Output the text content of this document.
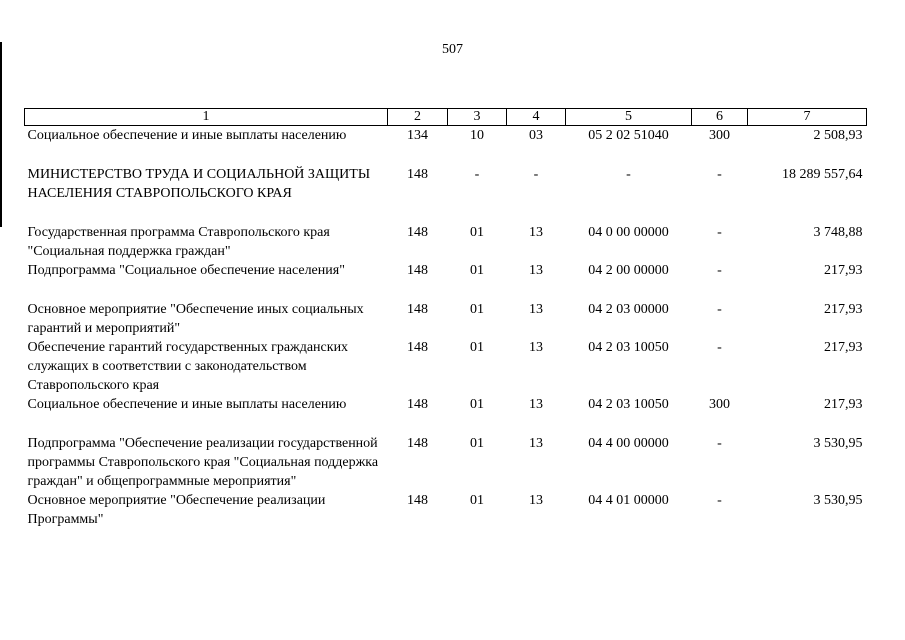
507
1	2	3	4	5	6	7
Социальное обеспечение и иные выплаты населению	134	10	03	05 2 02 51040	300	2 508,93

МИНИСТЕРСТВО ТРУДА И СОЦИАЛЬНОЙ ЗАЩИТЫ НАСЕЛЕНИЯ СТАВРОПОЛЬСКОГО КРАЯ	148	-	-	-	-	18 289 557,64

Государственная программа Ставропольского края "Социальная поддержка граждан"	148	01	13	04 0 00 00000	-	3 748,88
Подпрограмма "Социальное обеспечение населения"	148	01	13	04 2 00 00000	-	217,93

Основное мероприятие "Обеспечение иных социальных гарантий и мероприятий"	148	01	13	04 2 03 00000	-	217,93
Обеспечение гарантий государственных гражданских служащих в соответствии с законодательством Ставропольского края	148	01	13	04 2 03 10050	-	217,93
Социальное обеспечение и иные выплаты населению	148	01	13	04 2 03 10050	300	217,93

Подпрограмма "Обеспечение реализации государственной программы Ставропольского края "Социальная поддержка граждан" и общепрограммные мероприятия"	148	01	13	04 4 00 00000	-	3 530,95
Основное мероприятие "Обеспечение реализации Программы"	148	01	13	04 4 01 00000	-	3 530,95
